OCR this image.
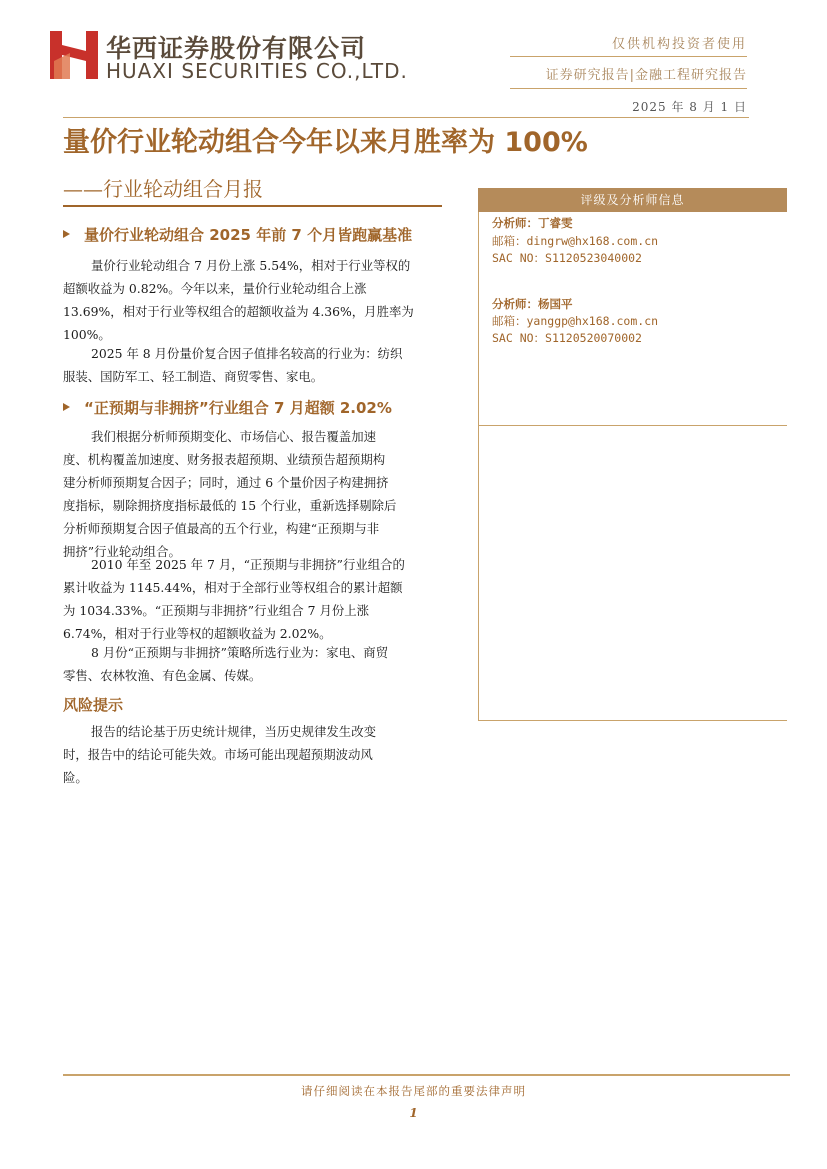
华西证券股份有限公司
HUAXI SECURITIES CO.,LTD.
仅供机构投资者使用
证券研究报告|金融工程研究报告
2025 年 8 月 1 日
量价行业轮动组合今年以来月胜率为 100%
——行业轮动组合月报
量价行业轮动组合 2025 年前 7 个月皆跑赢基准
量价行业轮动组合 7 月份上涨 5.54%，相对于行业等权的
超额收益为 0.82%。今年以来，量价行业轮动组合上涨
13.69%，相对于行业等权组合的超额收益为 4.36%，月胜率为
100%。
2025 年 8 月份量价复合因子值排名较高的行业为：纺织
服装、国防军工、轻工制造、商贸零售、家电。
“正预期与非拥挤”行业组合 7 月超额 2.02%
我们根据分析师预期变化、市场信心、报告覆盖加速
度、机构覆盖加速度、财务报表超预期、业绩预告超预期构
建分析师预期复合因子；同时，通过 6 个量价因子构建拥挤
度指标，剔除拥挤度指标最低的 15 个行业，重新选择剔除后
分析师预期复合因子值最高的五个行业，构建“正预期与非
拥挤”行业轮动组合。
2010 年至 2025 年 7 月，“正预期与非拥挤”行业组合的
累计收益为 1145.44%，相对于全部行业等权组合的累计超额
为 1034.33%。“正预期与非拥挤”行业组合 7 月份上涨
6.74%，相对于行业等权的超额收益为 2.02%。
8 月份“正预期与非拥挤”策略所选行业为：家电、商贸
零售、农林牧渔、有色金属、传媒。
风险提示
报告的结论基于历史统计规律，当历史规律发生改变
时，报告中的结论可能失效。市场可能出现超预期波动风
险。
评级及分析师信息
分析师：丁睿雯
邮箱：dingrw@hx168.com.cn
SAC NO：S1120523040002
分析师：杨国平
邮箱：yanggp@hx168.com.cn
SAC NO：S1120520070002
请仔细阅读在本报告尾部的重要法律声明
1
